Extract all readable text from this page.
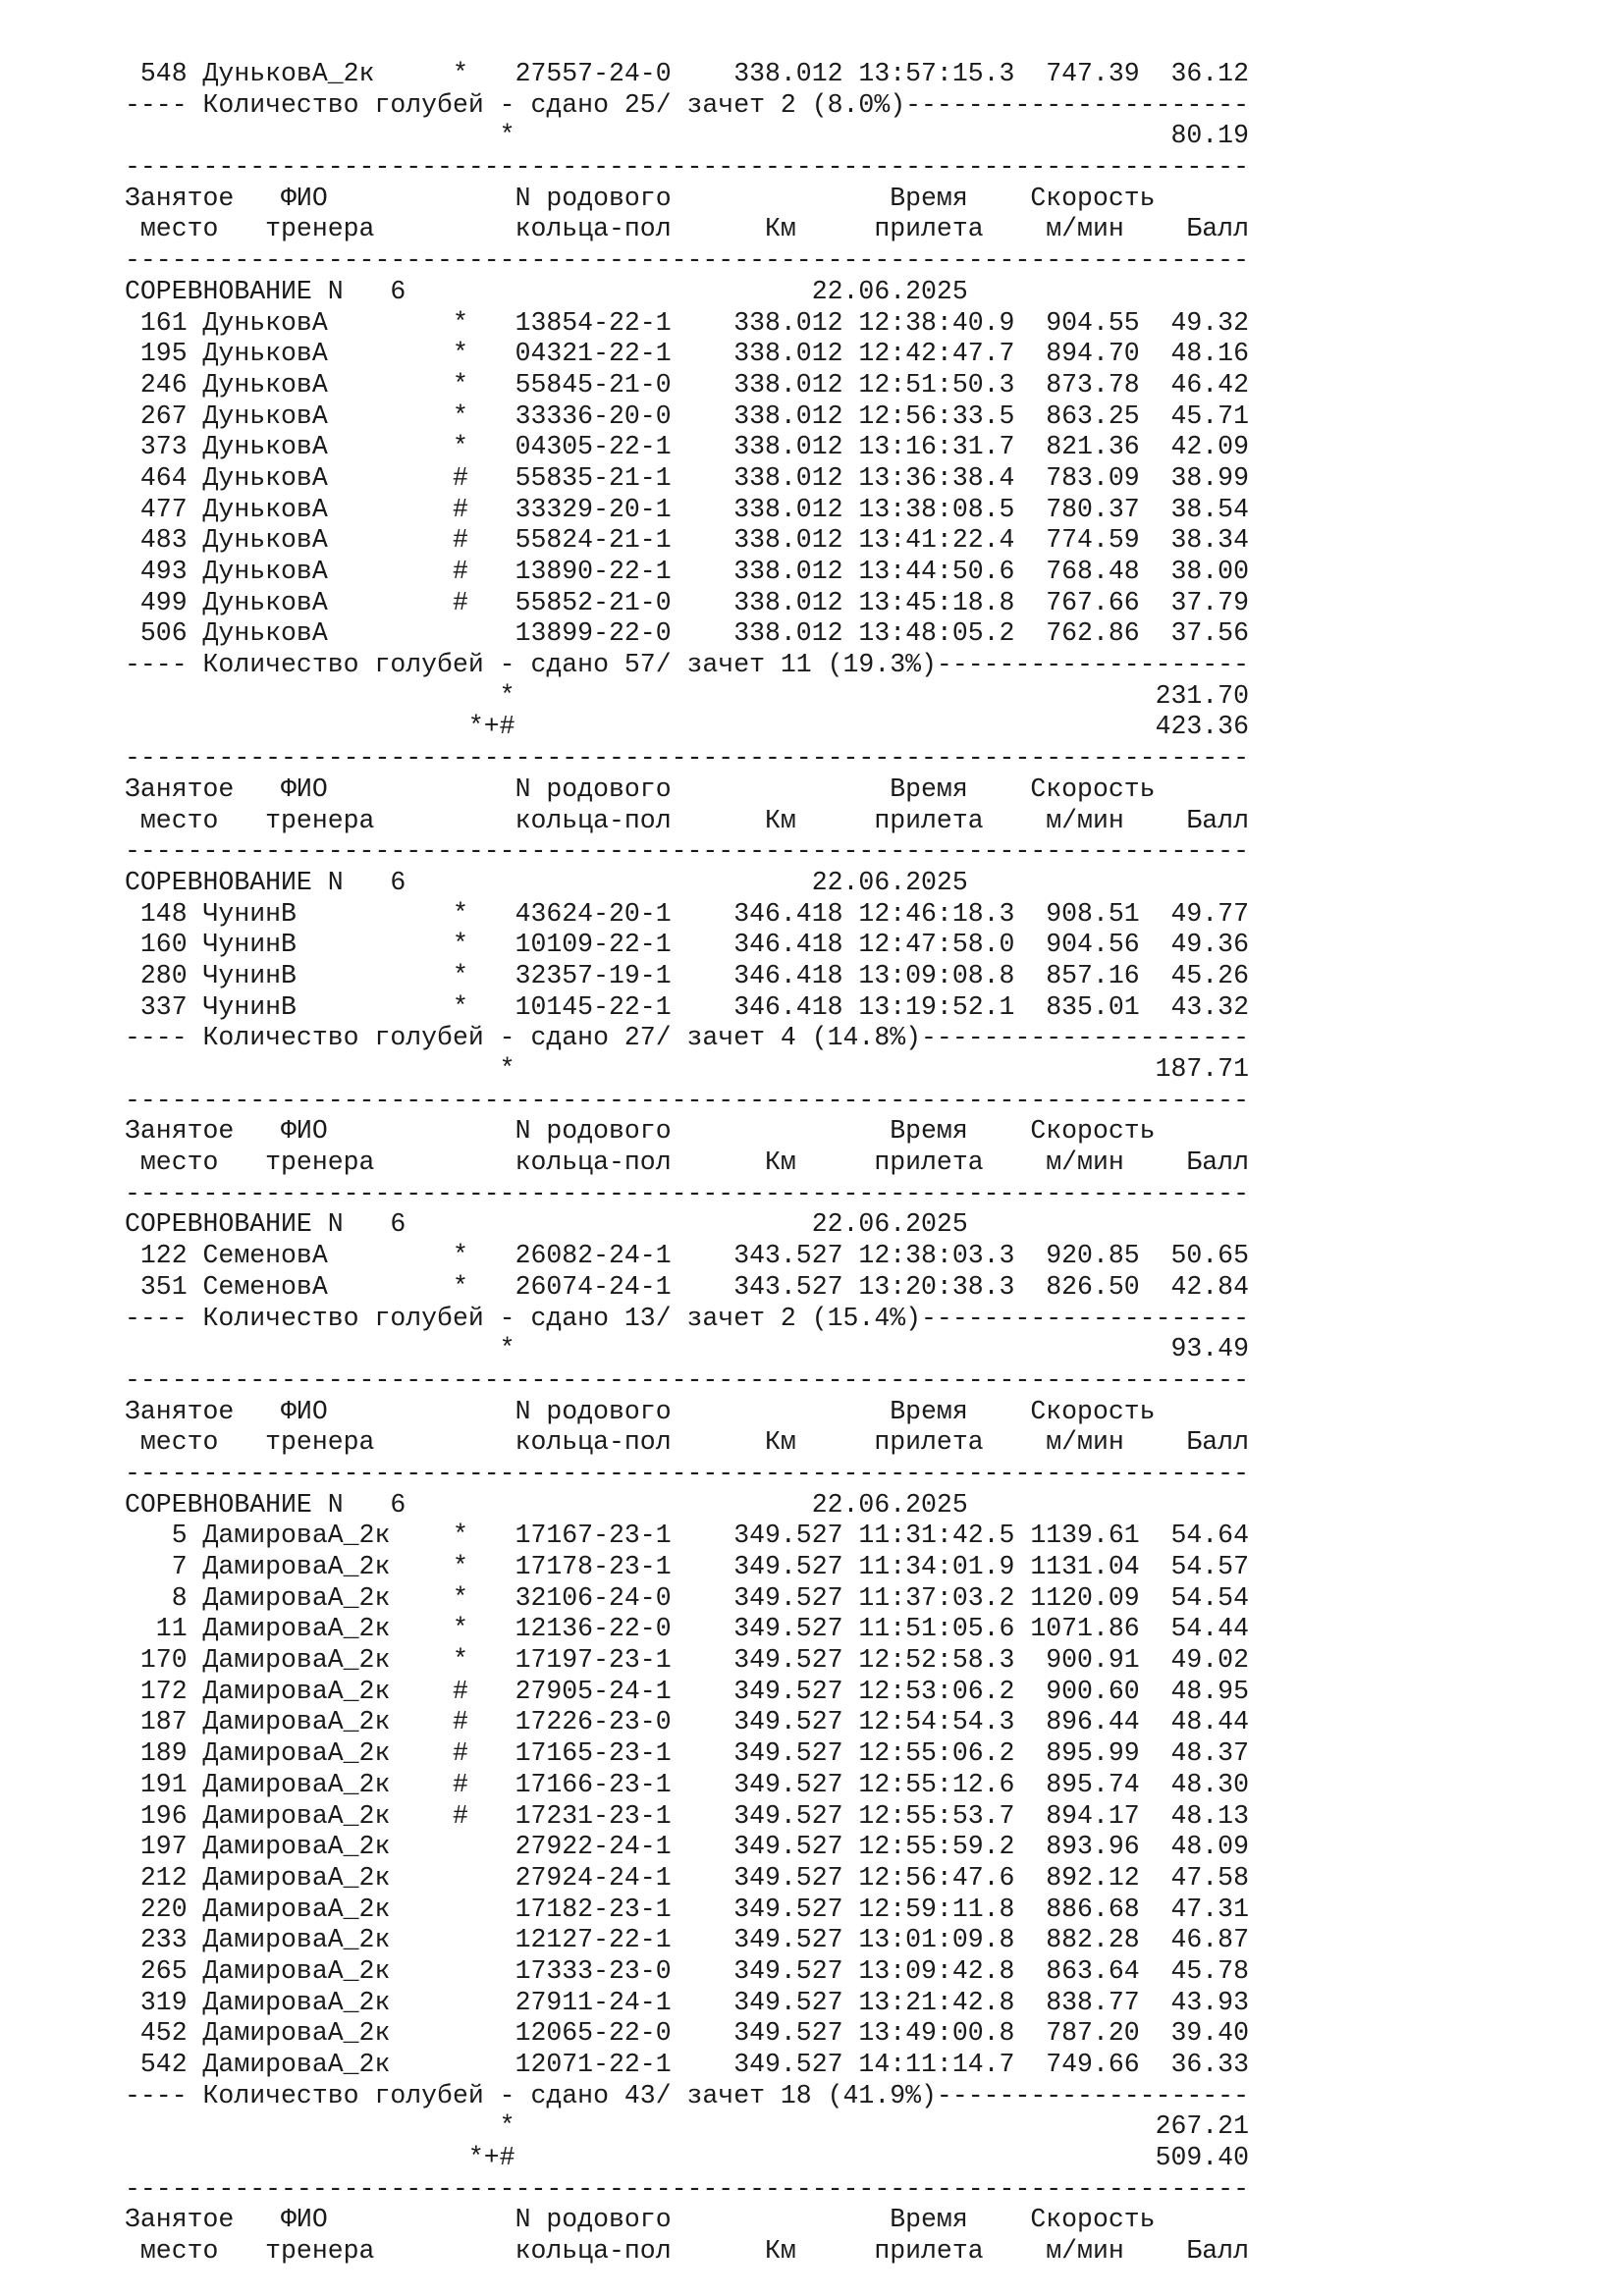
548 ДуньковА_2к     *   27557-24-0    338.012 13:57:15.3  747.39  36.12
---- Количество голубей - сдано 25/ зачет 2 (8.0%)----------------------
*                                          80.19
------------------------------------------------------------------------
Занятое   ФИО            N родового              Время    Скорость
место   тренера         кольца-пол      Км     прилета    м/мин    Балл
------------------------------------------------------------------------
СОРЕВНОВАНИЕ N   6                          22.06.2025
161 ДуньковА        *   13854-22-1    338.012 12:38:40.9  904.55  49.32
195 ДуньковА        *   04321-22-1    338.012 12:42:47.7  894.70  48.16
246 ДуньковА        *   55845-21-0    338.012 12:51:50.3  873.78  46.42
267 ДуньковА        *   33336-20-0    338.012 12:56:33.5  863.25  45.71
373 ДуньковА        *   04305-22-1    338.012 13:16:31.7  821.36  42.09
464 ДуньковА        #   55835-21-1    338.012 13:36:38.4  783.09  38.99
477 ДуньковА        #   33329-20-1    338.012 13:38:08.5  780.37  38.54
483 ДуньковА        #   55824-21-1    338.012 13:41:22.4  774.59  38.34
493 ДуньковА        #   13890-22-1    338.012 13:44:50.6  768.48  38.00
499 ДуньковА        #   55852-21-0    338.012 13:45:18.8  767.66  37.79
506 ДуньковА            13899-22-0    338.012 13:48:05.2  762.86  37.56
---- Количество голубей - сдано 57/ зачет 11 (19.3%)--------------------
*                                         231.70
*+#                                         423.36
------------------------------------------------------------------------
Занятое   ФИО            N родового              Время    Скорость
место   тренера         кольца-пол      Км     прилета    м/мин    Балл
------------------------------------------------------------------------
СОРЕВНОВАНИЕ N   6                          22.06.2025
148 ЧунинВ          *   43624-20-1    346.418 12:46:18.3  908.51  49.77
160 ЧунинВ          *   10109-22-1    346.418 12:47:58.0  904.56  49.36
280 ЧунинВ          *   32357-19-1    346.418 13:09:08.8  857.16  45.26
337 ЧунинВ          *   10145-22-1    346.418 13:19:52.1  835.01  43.32
---- Количество голубей - сдано 27/ зачет 4 (14.8%)---------------------
*                                         187.71
------------------------------------------------------------------------
Занятое   ФИО            N родового              Время    Скорость
место   тренера         кольца-пол      Км     прилета    м/мин    Балл
------------------------------------------------------------------------
СОРЕВНОВАНИЕ N   6                          22.06.2025
122 СеменовА        *   26082-24-1    343.527 12:38:03.3  920.85  50.65
351 СеменовА        *   26074-24-1    343.527 13:20:38.3  826.50  42.84
---- Количество голубей - сдано 13/ зачет 2 (15.4%)---------------------
*                                          93.49
------------------------------------------------------------------------
Занятое   ФИО            N родового              Время    Скорость
место   тренера         кольца-пол      Км     прилета    м/мин    Балл
------------------------------------------------------------------------
СОРЕВНОВАНИЕ N   6                          22.06.2025
5 ДамироваА_2к    *   17167-23-1    349.527 11:31:42.5 1139.61  54.64
7 ДамироваА_2к    *   17178-23-1    349.527 11:34:01.9 1131.04  54.57
8 ДамироваА_2к    *   32106-24-0    349.527 11:37:03.2 1120.09  54.54
11 ДамироваА_2к    *   12136-22-0    349.527 11:51:05.6 1071.86  54.44
170 ДамироваА_2к    *   17197-23-1    349.527 12:52:58.3  900.91  49.02
172 ДамироваА_2к    #   27905-24-1    349.527 12:53:06.2  900.60  48.95
187 ДамироваА_2к    #   17226-23-0    349.527 12:54:54.3  896.44  48.44
189 ДамироваА_2к    #   17165-23-1    349.527 12:55:06.2  895.99  48.37
191 ДамироваА_2к    #   17166-23-1    349.527 12:55:12.6  895.74  48.30
196 ДамироваА_2к    #   17231-23-1    349.527 12:55:53.7  894.17  48.13
197 ДамироваА_2к        27922-24-1    349.527 12:55:59.2  893.96  48.09
212 ДамироваА_2к        27924-24-1    349.527 12:56:47.6  892.12  47.58
220 ДамироваА_2к        17182-23-1    349.527 12:59:11.8  886.68  47.31
233 ДамироваА_2к        12127-22-1    349.527 13:01:09.8  882.28  46.87
265 ДамироваА_2к        17333-23-0    349.527 13:09:42.8  863.64  45.78
319 ДамироваА_2к        27911-24-1    349.527 13:21:42.8  838.77  43.93
452 ДамироваА_2к        12065-22-0    349.527 13:49:00.8  787.20  39.40
542 ДамироваА_2к        12071-22-1    349.527 14:11:14.7  749.66  36.33
---- Количество голубей - сдано 43/ зачет 18 (41.9%)--------------------
*                                         267.21
*+#                                         509.40
------------------------------------------------------------------------
Занятое   ФИО            N родового              Время    Скорость
место   тренера         кольца-пол      Км     прилета    м/мин    Балл
